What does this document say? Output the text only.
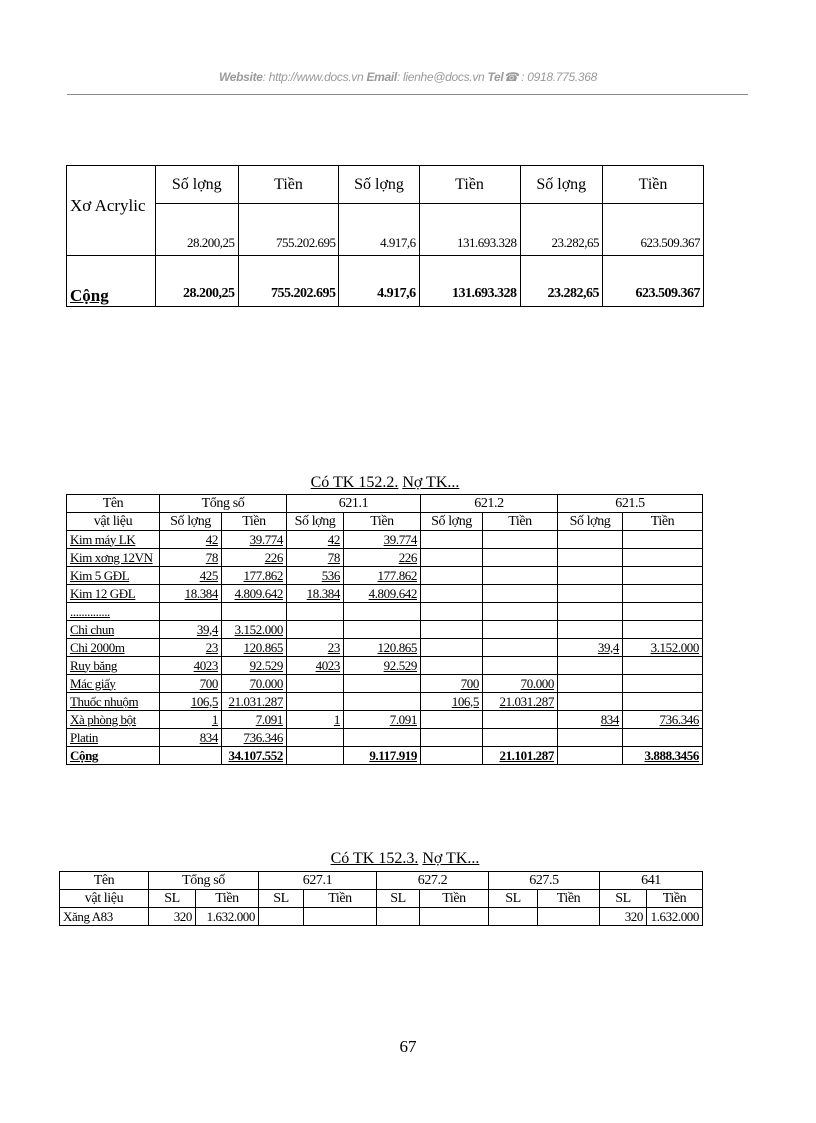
Website: http://www.docs.vn Email: lienhe@docs.vn Tel☎ : 0918.775.368
Xơ Acrylic	Số lợng	Tiền	Số lợng	Tiền	Số lợng	Tiền
	28.200,25	755.202.695	4.917,6	131.693.328	23.282,65	623.509.367
Cộng	28.200,25	755.202.695	4.917,6	131.693.328	23.282,65	623.509.367
Có TK 152.2. Nợ TK...
Tên	Tổng số		621.1		621.2		621.5	
vật liệu	Số lợng	Tiền	Số lợng	Tiền	Số lợng	Tiền	Số lợng	Tiền
Kim máy LK	42	39.774	42	39.774				
Kim xơng 12VN	78	226	78	226				
Kim 5 GĐL	425	177.862	536	177.862				
Kim 12 GĐL	18.384	4.809.642	18.384	4.809.642				
..............								
Chỉ chun	39,4	3.152.000						
Chỉ 2000m	23	120.865	23	120.865			39,4	3.152.000
Ruy băng	4023	92.529	4023	92.529				
Mác giấy	700	70.000			700	70.000		
Thuốc nhuộm	106,5	21.031.287			106,5	21.031.287		
Xà phòng bột	1	7.091	1	7.091			834	736.346
Platin	834	736.346						
Cộng		34.107.552		9.117.919		21.101.287		3.888.3456
Có TK 152.3. Nợ TK...
Tên	Tổng số		627.1		627.2		627.5		641	
vật liệu	SL	Tiền	SL	Tiền	SL	Tiền	SL	Tiền	SL	Tiền
Xăng A83	320	1.632.000							320	1.632.000
67
